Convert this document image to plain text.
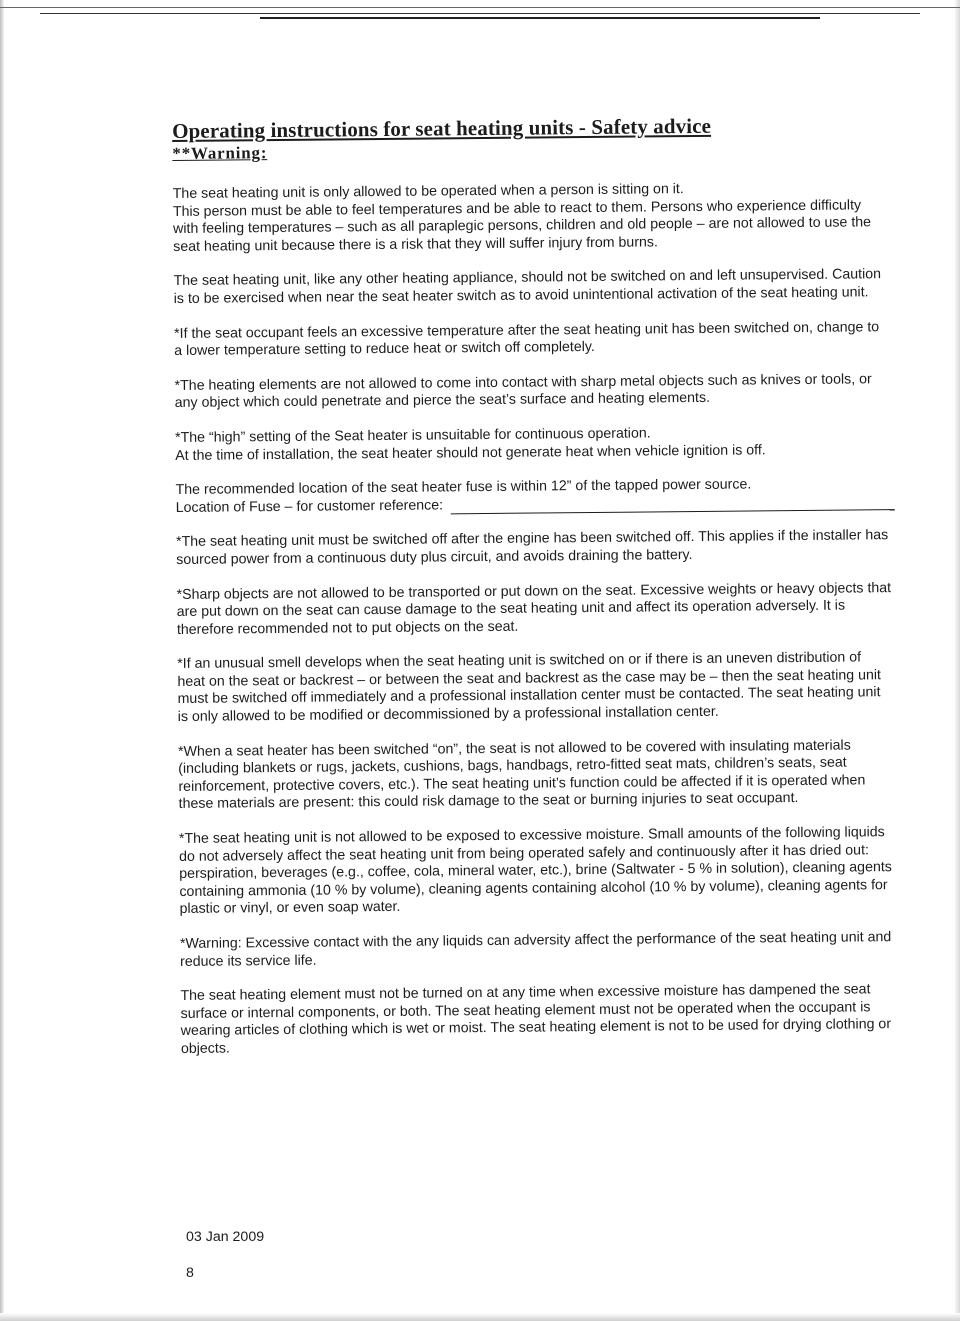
Operating instructions for seat heating units - Safety advice
**Warning:

The seat heating unit is only allowed to be operated when a person is sitting on it.
This person must be able to feel temperatures and be able to react to them. Persons who experience difficulty
with feeling temperatures – such as all paraplegic persons, children and old people – are not allowed to use the
seat heating unit because there is a risk that they will suffer injury from burns.

The seat heating unit, like any other heating appliance, should not be switched on and left unsupervised. Caution
is to be exercised when near the seat heater switch as to avoid unintentional activation of the seat heating unit.

*If the seat occupant feels an excessive temperature after the seat heating unit has been switched on, change to
a lower temperature setting to reduce heat or switch off completely.

*The heating elements are not allowed to come into contact with sharp metal objects such as knives or tools, or
any object which could penetrate and pierce the seat’s surface and heating elements.

*The “high” setting of the Seat heater is unsuitable for continuous operation.
At the time of installation, the seat heater should not generate heat when vehicle ignition is off.

The recommended location of the seat heater fuse is within 12” of the tapped power source.
Location of Fuse – for customer reference:

*The seat heating unit must be switched off after the engine has been switched off. This applies if the installer has
sourced power from a continuous duty plus circuit, and avoids draining the battery.

*Sharp objects are not allowed to be transported or put down on the seat. Excessive weights or heavy objects that
are put down on the seat can cause damage to the seat heating unit and affect its operation adversely. It is
therefore recommended not to put objects on the seat.

*If an unusual smell develops when the seat heating unit is switched on or if there is an uneven distribution of
heat on the seat or backrest – or between the seat and backrest as the case may be – then the seat heating unit
must be switched off immediately and a professional installation center must be contacted. The seat heating unit
is only allowed to be modified or decommissioned by a professional installation center.

*When a seat heater has been switched “on”, the seat is not allowed to be covered with insulating materials
(including blankets or rugs, jackets, cushions, bags, handbags, retro-fitted seat mats, children’s seats, seat
reinforcement, protective covers, etc.). The seat heating unit’s function could be affected if it is operated when
these materials are present: this could risk damage to the seat or burning injuries to seat occupant.

*The seat heating unit is not allowed to be exposed to excessive moisture. Small amounts of the following liquids
do not adversely affect the seat heating unit from being operated safely and continuously after it has dried out:
perspiration, beverages (e.g., coffee, cola, mineral water, etc.), brine (Saltwater - 5 % in solution), cleaning agents
containing ammonia (10 % by volume), cleaning agents containing alcohol (10 % by volume), cleaning agents for
plastic or vinyl, or even soap water.

*Warning: Excessive contact with the any liquids can adversity affect the performance of the seat heating unit and
reduce its service life.

The seat heating element must not be turned on at any time when excessive moisture has dampened the seat
surface or internal components, or both. The seat heating element must not be operated when the occupant is
wearing articles of clothing which is wet or moist. The seat heating element is not to be used for drying clothing or
objects.

03 Jan 2009
8
